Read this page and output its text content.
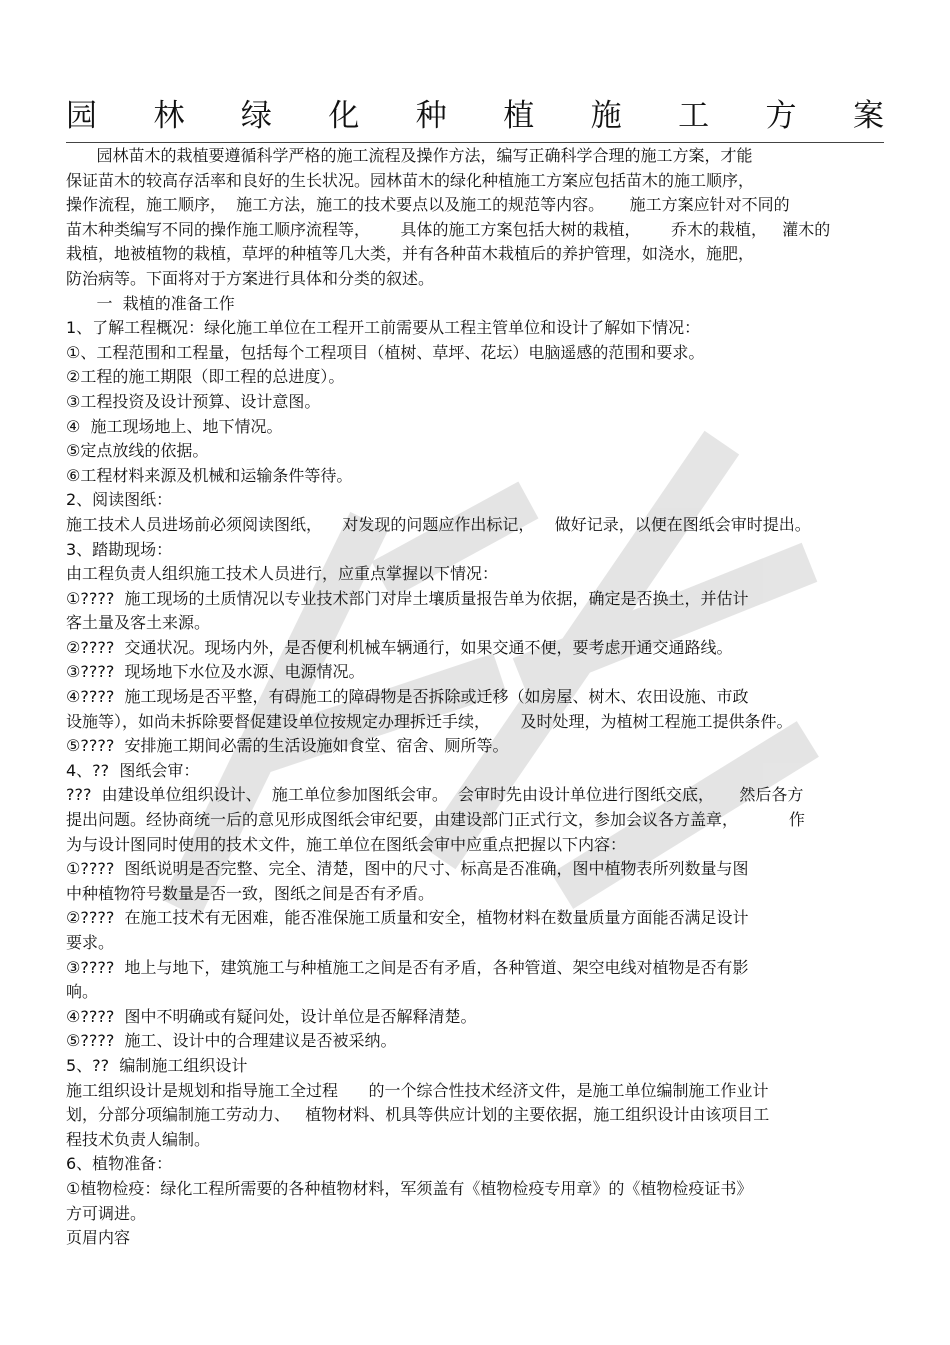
园 林 绿 化 种 植 施 工 方 案
园林苗木的栽植要遵循科学严格的施工流程及操作方法，编写正确科学合理的施工方案，才能
保证苗木的较高存活率和良好的生长状况。园林苗木的绿化种植施工方案应包括苗木的施工顺序，
操作流程，施工顺序，  施工方法，施工的技术要点以及施工的规范等内容。     施工方案应针对不同的
苗木种类编写不同的操作施工顺序流程等，      具体的施工方案包括大树的栽植，      乔木的栽植，   灌木的
栽植，地被植物的栽植，草坪的种植等几大类，并有各种苗木栽植后的养护管理，如浇水，施肥，
防治病等。下面将对于方案进行具体和分类的叙述。
一  栽植的准备工作
1、了解工程概况：绿化施工单位在工程开工前需要从工程主管单位和设计了解如下情况：
①、工程范围和工程量，包括每个工程项目（植树、草坪、花坛）电脑遥感的范围和要求。
②工程的施工期限（即工程的总进度）。
③工程投资及设计预算、设计意图。
④  施工现场地上、地下情况。
⑤定点放线的依据。
⑥工程材料来源及机械和运输条件等待。
2、阅读图纸：
施工技术人员进场前必须阅读图纸，    对发现的问题应作出标记，    做好记录，以便在图纸会审时提出。
3、踏勘现场：
由工程负责人组织施工技术人员进行，应重点掌握以下情况：
①????  施工现场的土质情况以专业技术部门对岸土壤质量报告单为依据，确定是否换土，并估计
客土量及客土来源。
②????  交通状况。现场内外，是否便利机械车辆通行，如果交通不便，要考虑开通交通路线。
③????  现场地下水位及水源、电源情况。
④????  施工现场是否平整，有碍施工的障碍物是否拆除或迁移（如房屋、树木、农田设施、市政
设施等），如尚未拆除要督促建设单位按规定办理拆迁手续，      及时处理，为植树工程施工提供条件。
⑤????  安排施工期间必需的生活设施如食堂、宿舍、厕所等。
4、??  图纸会审：
???  由建设单位组织设计、  施工单位参加图纸会审。  会审时先由设计单位进行图纸交底，     然后各方
提出问题。经协商统一后的意见形成图纸会审纪要，由建设部门正式行文，参加会议各方盖章，          作
为与设计图同时使用的技术文件，施工单位在图纸会审中应重点把握以下内容：
①????  图纸说明是否完整、完全、清楚，图中的尺寸、标高是否准确，图中植物表所列数量与图
中种植物符号数量是否一致，图纸之间是否有矛盾。
②????  在施工技术有无困难，能否准保施工质量和安全，植物材料在数量质量方面能否满足设计
要求。
③????  地上与地下，建筑施工与种植施工之间是否有矛盾，各种管道、架空电线对植物是否有影
响。
④????  图中不明确或有疑问处，设计单位是否解释清楚。
⑤????  施工、设计中的合理建议是否被采纳。
5、??  编制施工组织设计
施工组织设计是规划和指导施工全过程      的一个综合性技术经济文件，是施工单位编制施工作业计
划，分部分项编制施工劳动力、   植物材料、机具等供应计划的主要依据，施工组织设计由该项目工
程技术负责人编制。
6、植物准备：
①植物检疫：绿化工程所需要的各种植物材料，军须盖有《植物检疫专用章》的《植物检疫证书》
方可调进。
页眉内容
